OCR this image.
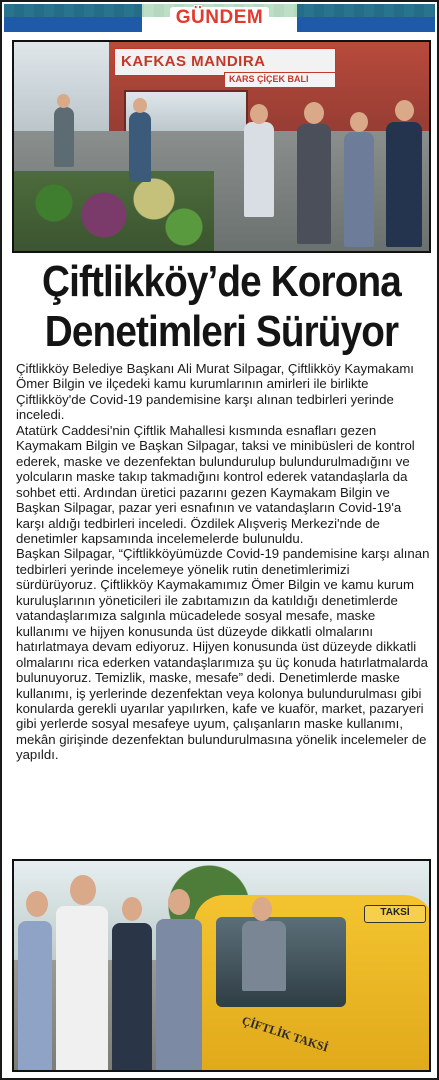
GÜNDEM
KAFKAS MANDIRA
KARS ÇİÇEK BALI
Çiftlikköy’de Korona
Denetimleri Sürüyor

Çiftlikköy Belediye Başkanı Ali Murat Silpagar, Çiftlikköy Kaymakamı Ömer Bilgin ve ilçedeki kamu kurumlarının amirleri ile birlikte Çiftlikköy'de Covid-19 pandemisine karşı alınan tedbirleri yerinde inceledi.

Atatürk Caddesi'nin Çiftlik Mahallesi kısmında esnafları gezen Kaymakam Bilgin ve Başkan Silpagar, taksi ve minibüsleri de kontrol ederek, maske ve dezenfektan bulundurulup bulundurulmadığını ve yolcuların maske takıp takmadığını kontrol ederek vatandaşlarla da sohbet etti. Ardından üretici pazarını gezen Kaymakam Bilgin ve Başkan Silpagar, pazar yeri esnafının ve vatandaşların Covid-19'a karşı aldığı tedbirleri inceledi. Özdilek Alışveriş Merkezi'nde de denetimler kapsamında incelemelerde bulunuldu.

Başkan Silpagar, “Çiftlikköyümüzde Covid-19 pandemisine karşı alınan tedbirleri yerinde incelemeye yönelik rutin denetimlerimizi sürdürüyoruz. Çiftlikköy Kaymakamımız Ömer Bilgin ve kamu kurum kuruluşlarının yöneticileri ile zabıtamızın da katıldığı denetimlerde vatandaşlarımıza salgınla mücadelede sosyal mesafe, maske kullanımı ve hijyen konusunda üst düzeyde dikkatli olmalarını hatırlatmaya devam ediyoruz. Hijyen konusunda üst düzeyde dikkatli olmalarını rica ederken vatandaşlarımıza şu üç konuda hatırlatmalarda bulunuyoruz. Temizlik, maske, mesafe” dedi. Denetimlerde maske kullanımı, iş yerlerinde dezenfektan veya kolonya bulundurulması gibi konularda gerekli uyarılar yapılırken, kafe ve kuaför, market, pazaryeri gibi yerlerde sosyal mesafeye uyum, çalışanların maske kullanımı, mekân girişinde dezenfektan bulundurulmasına yönelik incelemeler de yapıldı.

TAKSİ
ÇİFTLİK TAKSİ
